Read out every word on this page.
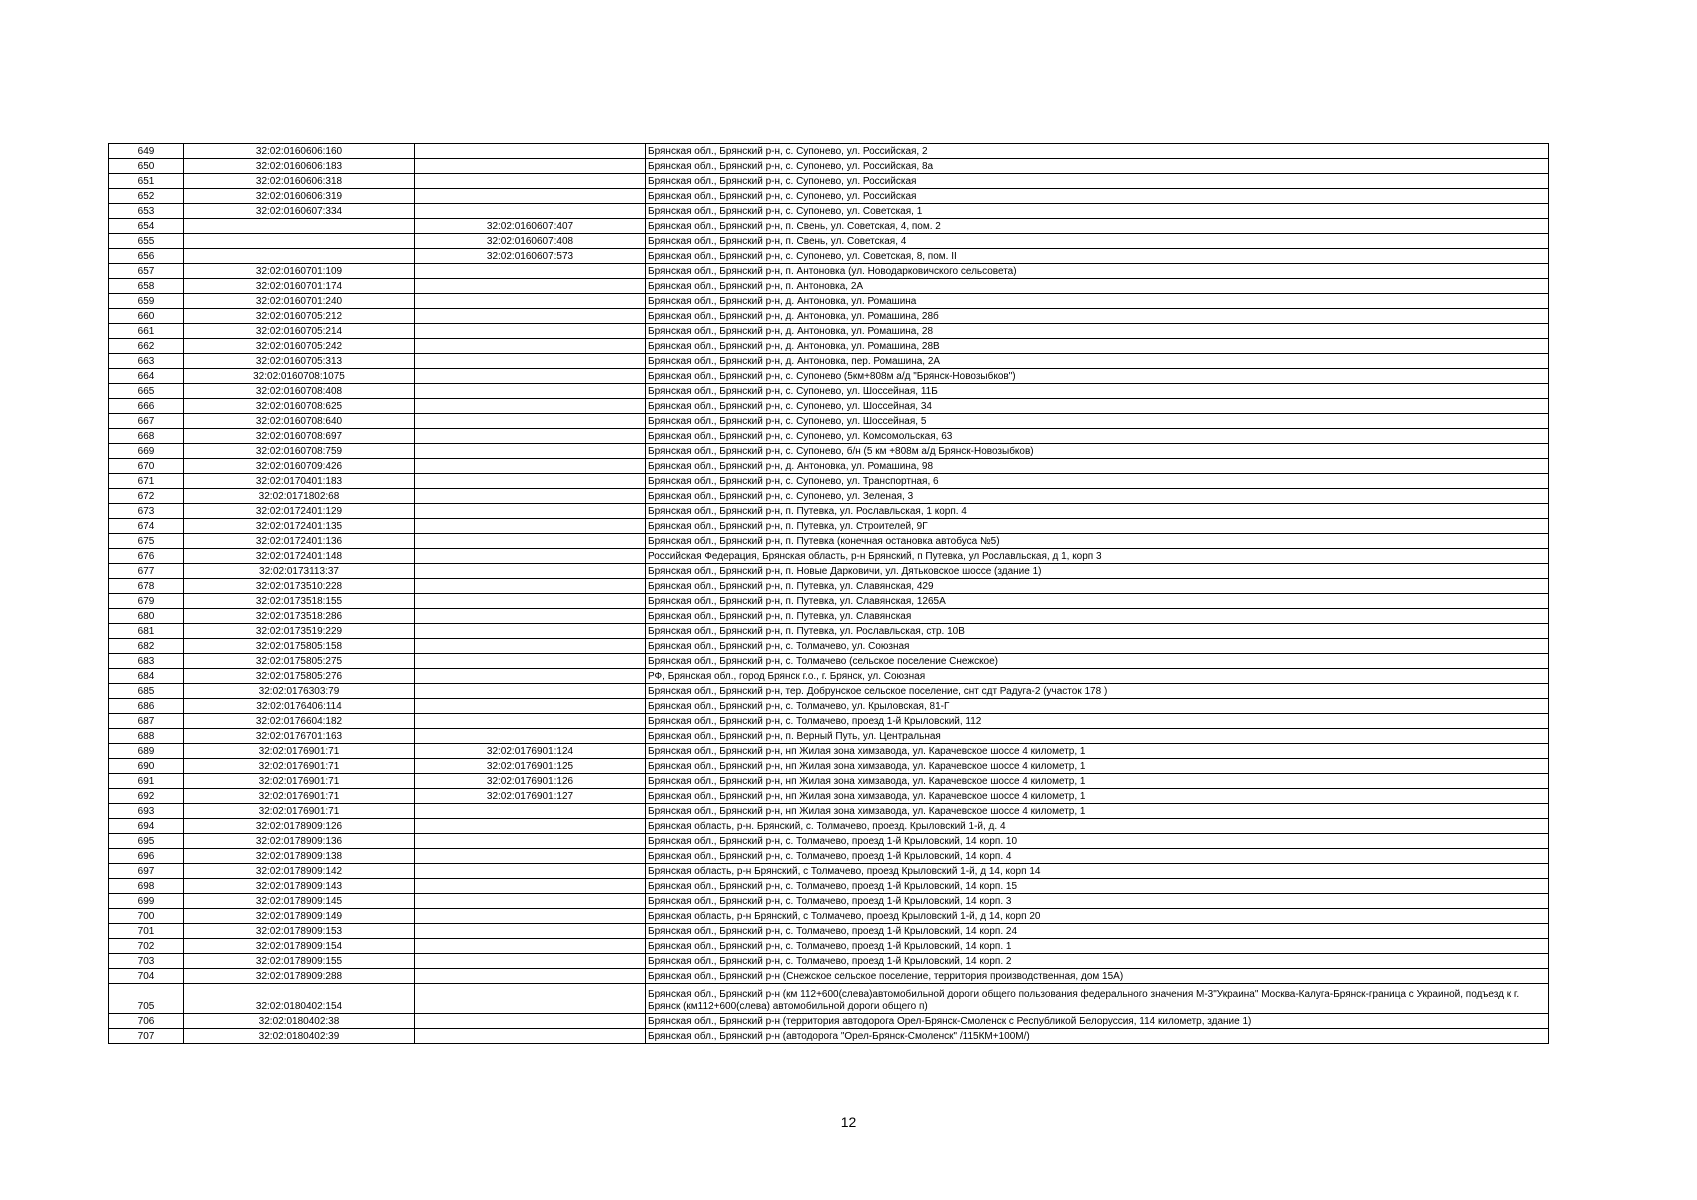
649	32:02:0160606:160		Брянская обл., Брянский р-н, с. Супонево, ул. Российская, 2
650	32:02:0160606:183		Брянская обл., Брянский р-н, с. Супонево, ул. Российская, 8а
651	32:02:0160606:318		Брянская обл., Брянский р-н, с. Супонево, ул. Российская
652	32:02:0160606:319		Брянская обл., Брянский р-н, с. Супонево, ул. Российская
653	32:02:0160607:334		Брянская обл., Брянский р-н, с. Супонево, ул. Советская, 1
654		32:02:0160607:407	Брянская обл., Брянский р-н, п. Свень, ул. Советская, 4, пом. 2
655		32:02:0160607:408	Брянская обл., Брянский р-н, п. Свень, ул. Советская, 4
656		32:02:0160607:573	Брянская обл., Брянский р-н, с. Супонево, ул. Советская, 8, пом. II
657	32:02:0160701:109		Брянская обл., Брянский р-н, п. Антоновка (ул. Новодарковичского сельсовета)
658	32:02:0160701:174		Брянская обл., Брянский р-н, п. Антоновка, 2А
659	32:02:0160701:240		Брянская обл., Брянский р-н, д. Антоновка, ул. Ромашина
660	32:02:0160705:212		Брянская обл., Брянский р-н, д. Антоновка, ул. Ромашина, 28б
661	32:02:0160705:214		Брянская обл., Брянский р-н, д. Антоновка, ул. Ромашина, 28
662	32:02:0160705:242		Брянская обл., Брянский р-н, д. Антоновка, ул. Ромашина, 28В
663	32:02:0160705:313		Брянская обл., Брянский р-н, д. Антоновка, пер. Ромашина, 2А
664	32:02:0160708:1075		Брянская обл., Брянский р-н, с. Супонево (5км+808м а/д "Брянск-Новозыбков")
665	32:02:0160708:408		Брянская обл., Брянский р-н, с. Супонево, ул. Шоссейная, 11Б
666	32:02:0160708:625		Брянская обл., Брянский р-н, с. Супонево, ул. Шоссейная, 34
667	32:02:0160708:640		Брянская обл., Брянский р-н, с. Супонево, ул. Шоссейная, 5
668	32:02:0160708:697		Брянская обл., Брянский р-н, с. Супонево, ул. Комсомольская, 63
669	32:02:0160708:759		Брянская обл., Брянский р-н, с. Супонево, б/н (5 км +808м а/д Брянск-Новозыбков)
670	32:02:0160709:426		Брянская обл., Брянский р-н, д. Антоновка, ул. Ромашина, 98
671	32:02:0170401:183		Брянская обл., Брянский р-н, с. Супонево, ул. Транспортная, 6
672	32:02:0171802:68		Брянская обл., Брянский р-н, с. Супонево, ул. Зеленая, 3
673	32:02:0172401:129		Брянская обл., Брянский р-н, п. Путевка, ул. Рославльская, 1 корп. 4
674	32:02:0172401:135		Брянская обл., Брянский р-н, п. Путевка, ул. Строителей, 9Г
675	32:02:0172401:136		Брянская обл., Брянский р-н, п. Путевка (конечная остановка автобуса №5)
676	32:02:0172401:148		Российская Федерация, Брянская область, р-н Брянский, п Путевка, ул Рославльская, д 1, корп 3
677	32:02:0173113:37		Брянская обл., Брянский р-н, п. Новые Дарковичи, ул. Дятьковское шоссе (здание 1)
678	32:02:0173510:228		Брянская обл., Брянский р-н, п. Путевка, ул. Славянская, 429
679	32:02:0173518:155		Брянская обл., Брянский р-н, п. Путевка, ул. Славянская, 1265А
680	32:02:0173518:286		Брянская обл., Брянский р-н, п. Путевка, ул. Славянская
681	32:02:0173519:229		Брянская обл., Брянский р-н, п. Путевка, ул. Рославльская, стр. 10В
682	32:02:0175805:158		Брянская обл., Брянский р-н, с. Толмачево, ул. Союзная
683	32:02:0175805:275		Брянская обл., Брянский р-н, с. Толмачево (сельское поселение Снежское)
684	32:02:0175805:276		РФ, Брянская обл., город Брянск г.о., г. Брянск, ул. Союзная
685	32:02:0176303:79		Брянская обл., Брянский р-н, тер. Добрунское сельское поселение, снт сдт Радуга-2 (участок 178 )
686	32:02:0176406:114		Брянская обл., Брянский р-н, с. Толмачево, ул. Крыловская, 81-Г
687	32:02:0176604:182		Брянская обл., Брянский р-н, с. Толмачево, проезд 1-й Крыловский, 112
688	32:02:0176701:163		Брянская обл., Брянский р-н, п. Верный Путь, ул. Центральная
689	32:02:0176901:71	32:02:0176901:124	Брянская обл., Брянский р-н, нп Жилая зона химзавода, ул. Карачевское шоссе 4 километр, 1
690	32:02:0176901:71	32:02:0176901:125	Брянская обл., Брянский р-н, нп Жилая зона химзавода, ул. Карачевское шоссе 4 километр, 1
691	32:02:0176901:71	32:02:0176901:126	Брянская обл., Брянский р-н, нп Жилая зона химзавода, ул. Карачевское шоссе 4 километр, 1
692	32:02:0176901:71	32:02:0176901:127	Брянская обл., Брянский р-н, нп Жилая зона химзавода, ул. Карачевское шоссе 4 километр, 1
693	32:02:0176901:71		Брянская обл., Брянский р-н, нп Жилая зона химзавода, ул. Карачевское шоссе 4 километр, 1
694	32:02:0178909:126		Брянская область, р-н. Брянский, с. Толмачево, проезд. Крыловский 1-й, д. 4
695	32:02:0178909:136		Брянская обл., Брянский р-н, с. Толмачево, проезд 1-й Крыловский, 14 корп. 10
696	32:02:0178909:138		Брянская обл., Брянский р-н, с. Толмачево, проезд 1-й Крыловский, 14 корп. 4
697	32:02:0178909:142		Брянская область, р-н Брянский, с Толмачево, проезд Крыловский 1-й, д 14, корп 14
698	32:02:0178909:143		Брянская обл., Брянский р-н, с. Толмачево, проезд 1-й Крыловский, 14 корп. 15
699	32:02:0178909:145		Брянская обл., Брянский р-н, с. Толмачево, проезд 1-й Крыловский, 14 корп. 3
700	32:02:0178909:149		Брянская область, р-н Брянский, с Толмачево, проезд Крыловский 1-й, д 14, корп 20
701	32:02:0178909:153		Брянская обл., Брянский р-н, с. Толмачево, проезд 1-й Крыловский, 14 корп. 24
702	32:02:0178909:154		Брянская обл., Брянский р-н, с. Толмачево, проезд 1-й Крыловский, 14 корп. 1
703	32:02:0178909:155		Брянская обл., Брянский р-н, с. Толмачево, проезд 1-й Крыловский, 14 корп. 2
704	32:02:0178909:288		Брянская обл., Брянский р-н (Снежское сельское поселение, территория производственная, дом 15А)
705	32:02:0180402:154		Брянская обл., Брянский р-н (км 112+600(слева)автомобильной дороги общего пользования федерального значения М-3"Украина" Москва-Калуга-Брянск-граница с Украиной, подъезд к г. Брянск (км112+600(слева) автомобильной дороги общего п)
706	32:02:0180402:38		Брянская обл., Брянский р-н (территория автодорога Орел-Брянск-Смоленск с Республикой Белоруссия, 114 километр, здание 1)
707	32:02:0180402:39		Брянская обл., Брянский р-н (автодорога "Орел-Брянск-Смоленск" /115КМ+100М/)
12
